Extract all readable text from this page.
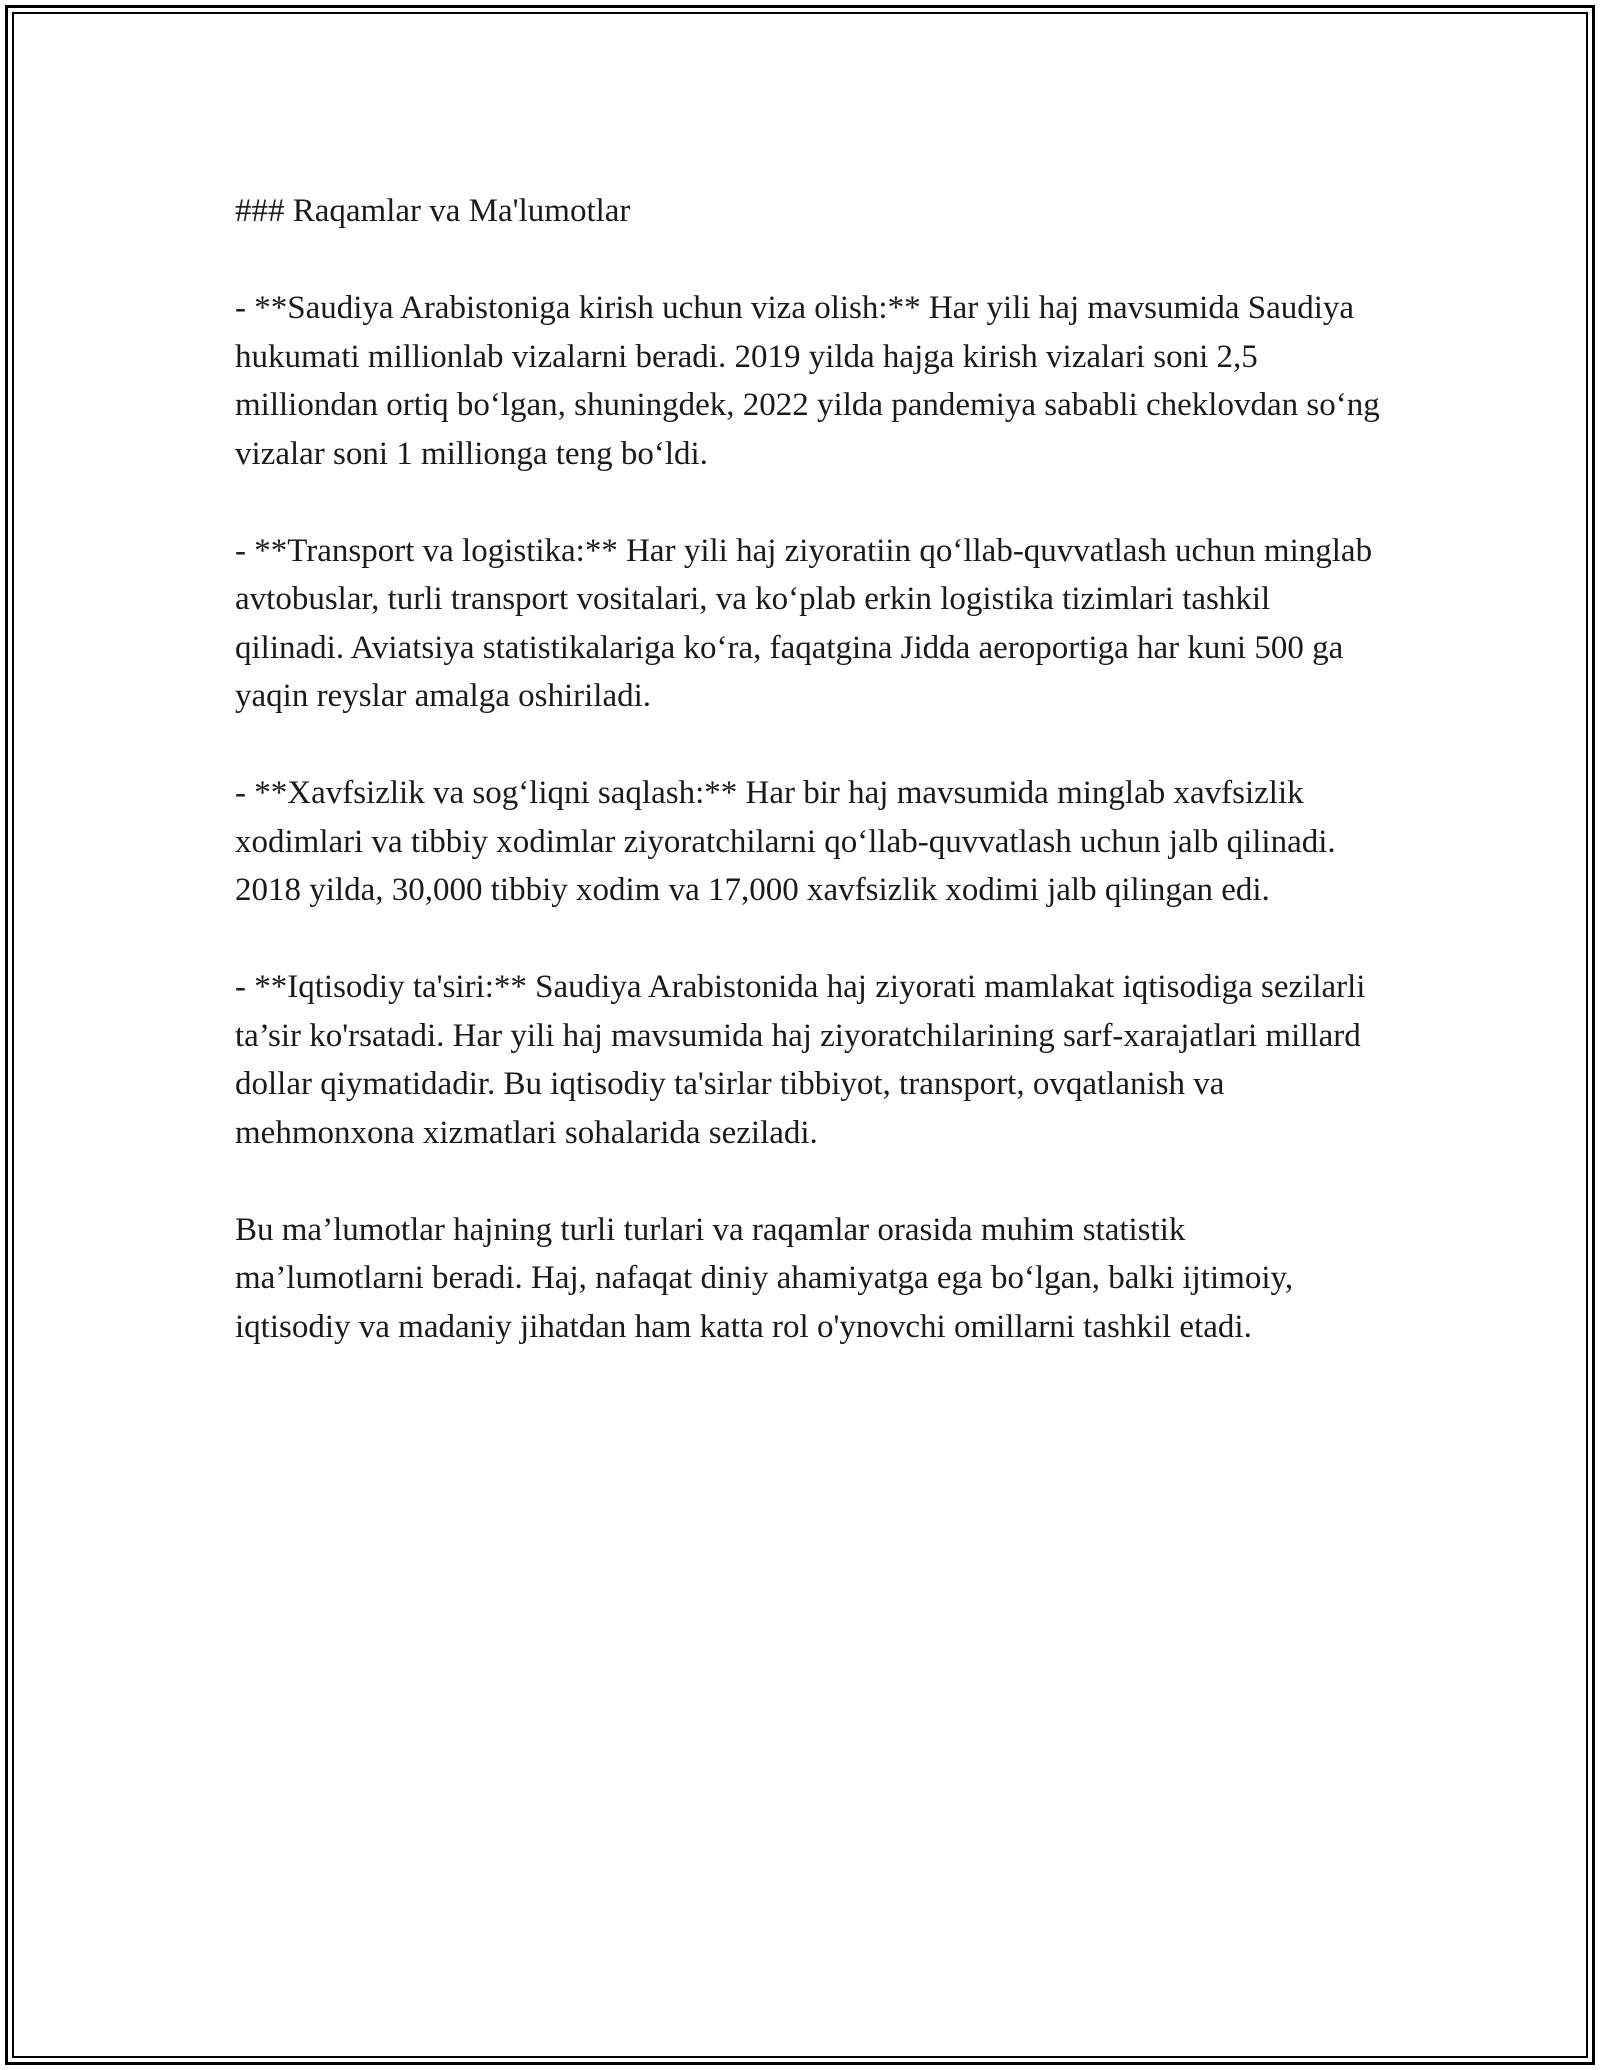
### Raqamlar va Ma'lumotlar

- **Saudiya Arabistoniga kirish uchun viza olish:** Har yili haj mavsumida Saudiya hukumati millionlab vizalarni beradi. 2019 yilda hajga kirish vizalari soni 2,5 milliondan ortiq bo‘lgan, shuningdek, 2022 yilda pandemiya sababli cheklovdan so‘ng vizalar soni 1 millionga teng bo‘ldi.

- **Transport va logistika:** Har yili haj ziyoratiin qo‘llab-quvvatlash uchun minglab avtobuslar, turli transport vositalari, va ko‘plab erkin logistika tizimlari tashkil qilinadi. Aviatsiya statistikalariga ko‘ra, faqatgina Jidda aeroportiga har kuni 500 ga yaqin reyslar amalga oshiriladi.

- **Xavfsizlik va sog‘liqni saqlash:** Har bir haj mavsumida minglab xavfsizlik xodimlari va tibbiy xodimlar ziyoratchilarni qo‘llab-quvvatlash uchun jalb qilinadi. 2018 yilda, 30,000 tibbiy xodim va 17,000 xavfsizlik xodimi jalb qilingan edi.

- **Iqtisodiy ta'siri:** Saudiya Arabistonida haj ziyorati mamlakat iqtisodiga sezilarli ta’sir ko'rsatadi. Har yili haj mavsumida haj ziyoratchilarining sarf-xarajatlari millard dollar qiymatidadir. Bu iqtisodiy ta'sirlar tibbiyot, transport, ovqatlanish va mehmonxona xizmatlari sohalarida seziladi.

Bu ma’lumotlar hajning turli turlari va raqamlar orasida muhim statistik ma’lumotlarni beradi. Haj, nafaqat diniy ahamiyatga ega bo‘lgan, balki ijtimoiy, iqtisodiy va madaniy jihatdan ham katta rol o'ynovchi omillarni tashkil etadi.
